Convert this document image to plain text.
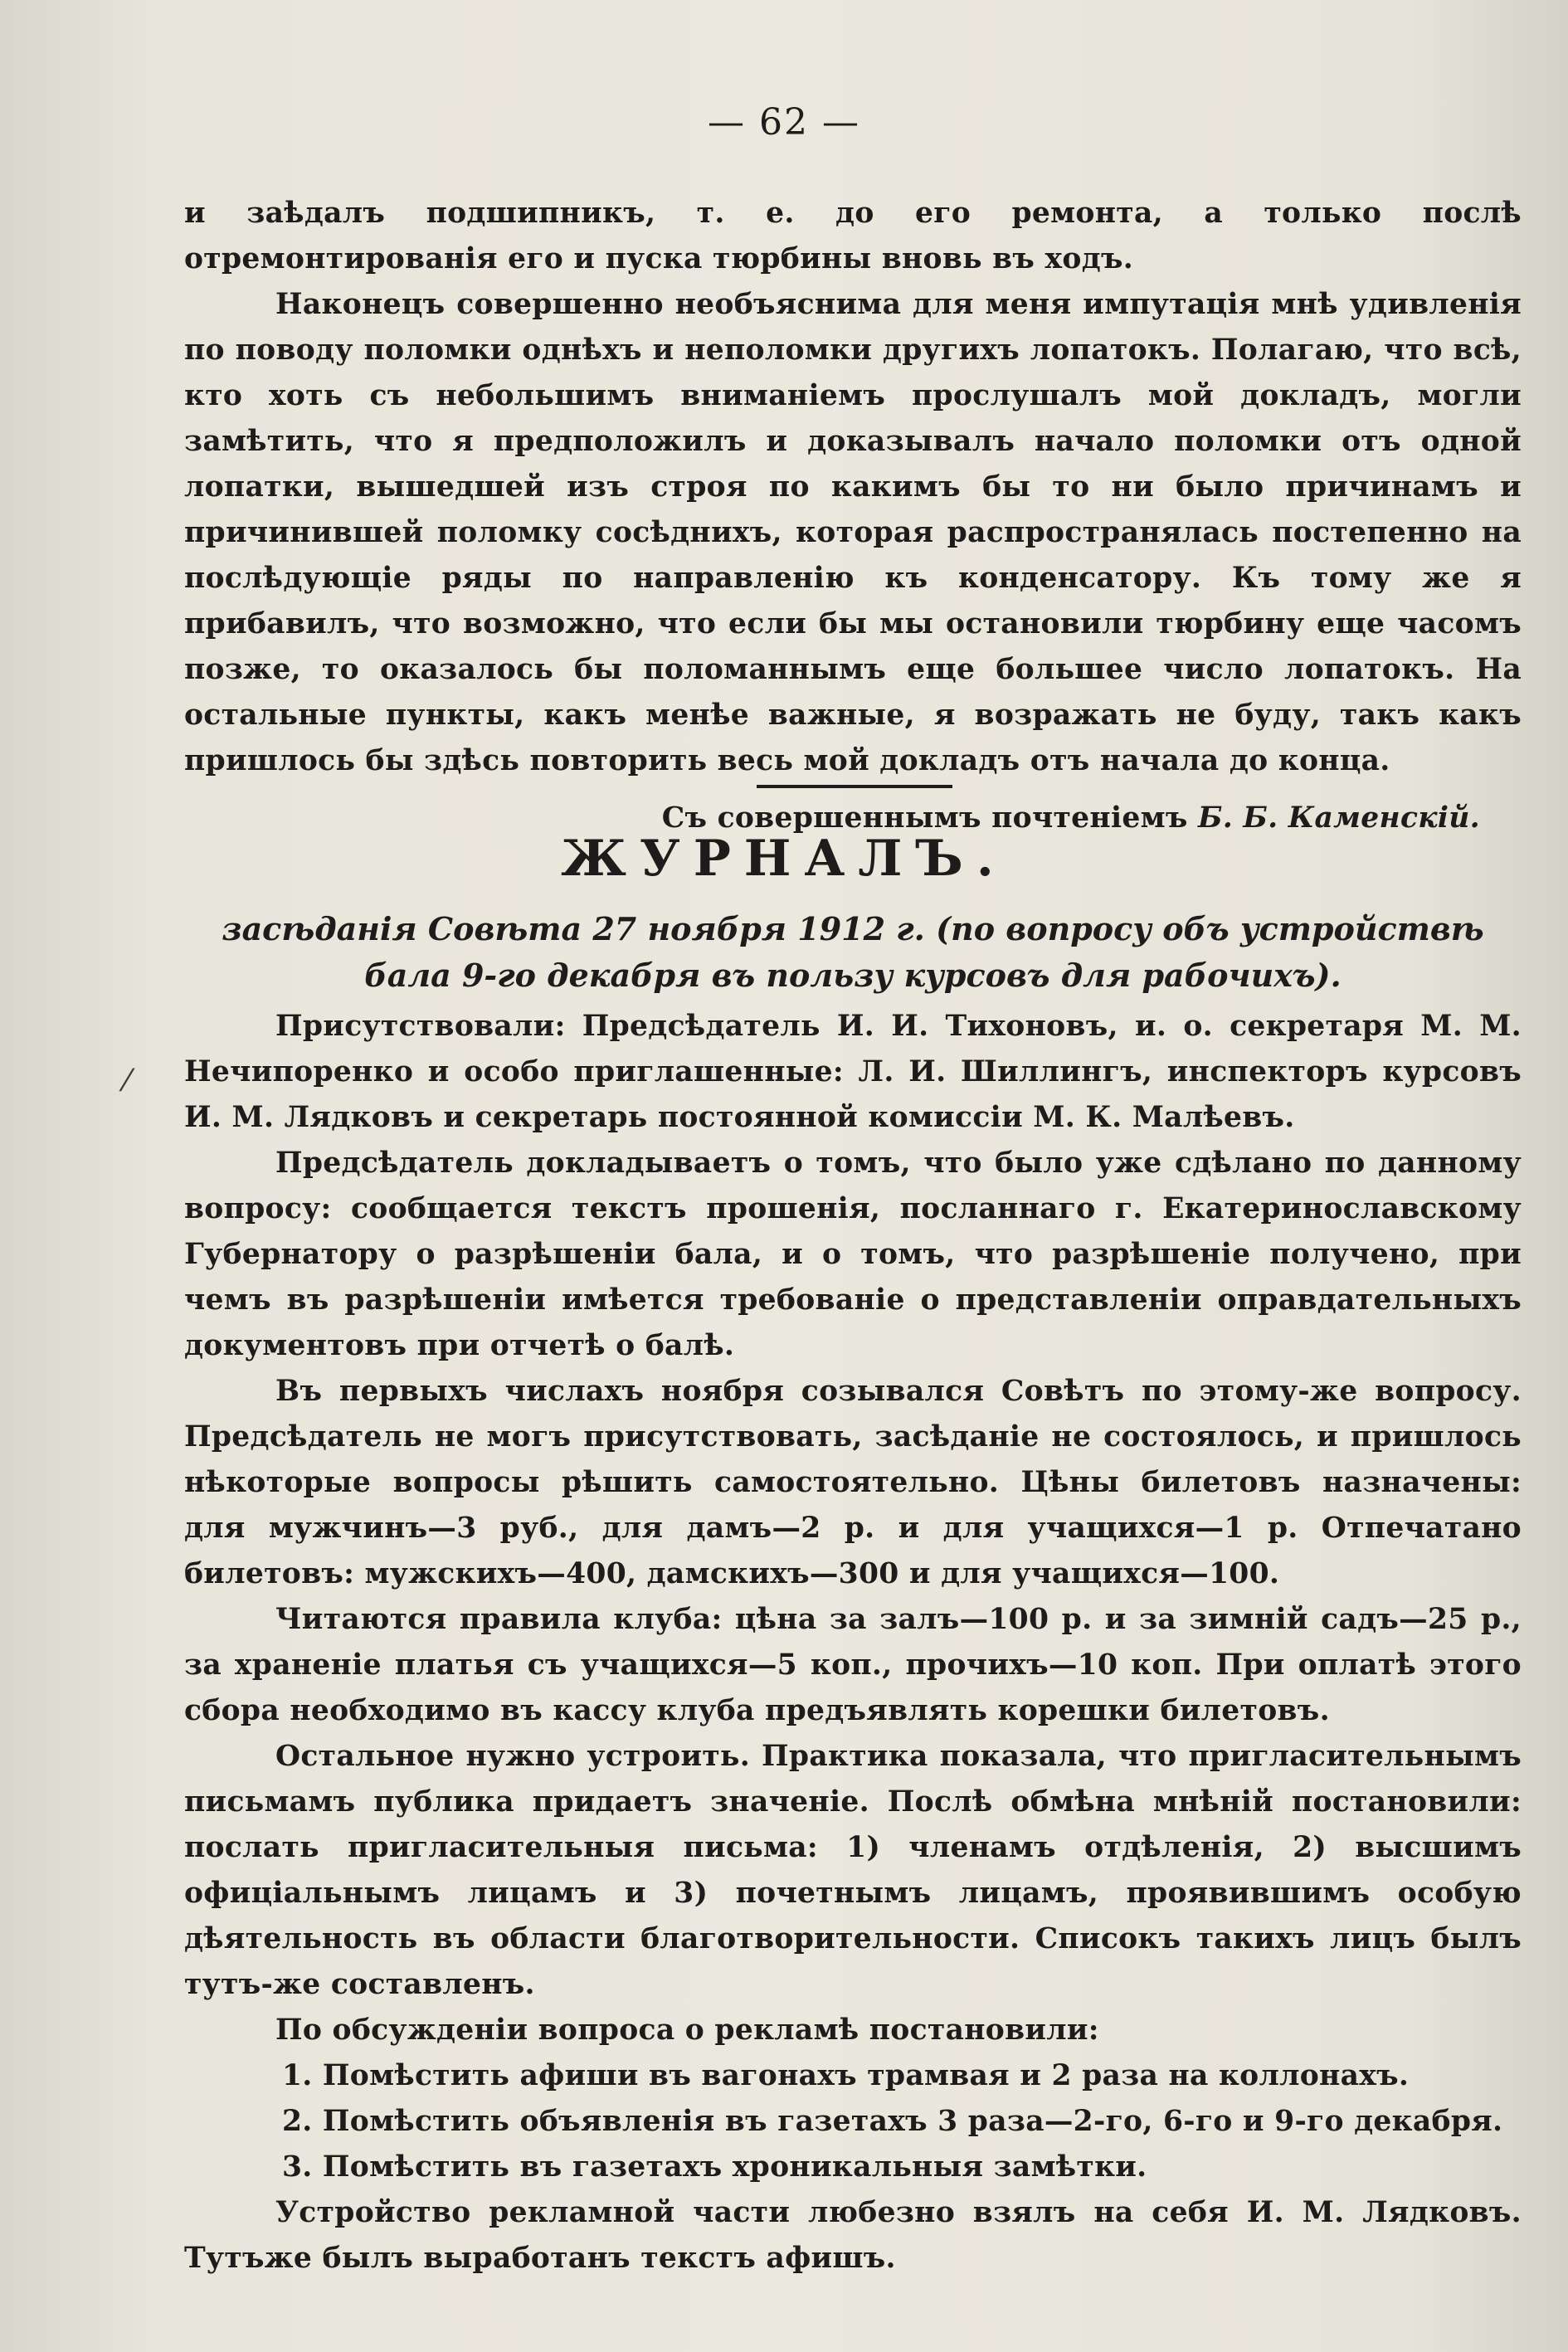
— 62 —

и заѣдалъ подшипникъ, т. е. до его ремонта, а только послѣ отремонтированія его и пуска тюрбины вновь въ ходъ.

Наконецъ совершенно необъяснима для меня импутація мнѣ удивленія по поводу поломки однѣхъ и неполомки другихъ лопатокъ. Полагаю, что всѣ, кто хоть съ небольшимъ вниманіемъ прослушалъ мой докладъ, могли замѣтить, что я предположилъ и доказывалъ начало поломки отъ одной лопатки, вышедшей изъ строя по какимъ бы то ни было причинамъ и причинившей поломку сосѣднихъ, которая распространялась постепенно на послѣдующіе ряды по направленію къ конденсатору. Къ тому же я прибавилъ, что возможно, что если бы мы остановили тюрбину еще часомъ позже, то оказалось бы поломаннымъ еще большее число лопатокъ. На остальные пункты, какъ менѣе важные, я возражать не буду, такъ какъ пришлось бы здѣсь повторить весь мой докладъ отъ начала до конца.

Съ совершеннымъ почтеніемъ Б. Б. Каменскій.

ЖУРНАЛЪ.
засѣданія Совѣта 27 ноября 1912 г. (по вопросу объ устройствѣ бала 9-го декабря въ пользу курсовъ для рабочихъ).
⁄

Присутствовали: Предсѣдатель И. И. Тихоновъ, и. о. секретаря М. М. Нечипоренко и особо приглашенные: Л. И. Шиллингъ, инспекторъ курсовъ И. М. Лядковъ и секретарь постоянной комиссіи М. К. Малѣевъ.

Предсѣдатель докладываетъ о томъ, что было уже сдѣлано по данному вопросу: сообщается текстъ прошенія, посланнаго г. Екатеринославскому Губернатору о разрѣшеніи бала, и о томъ, что разрѣшеніе получено, при чемъ въ разрѣшеніи имѣется требованіе о представленіи оправдательныхъ документовъ при отчетѣ о балѣ.

Въ первыхъ числахъ ноября созывался Совѣтъ по этому-же вопросу. Предсѣдатель не могъ присутствовать, засѣданіе не состоялось, и пришлось нѣкоторые вопросы рѣшить самостоятельно. Цѣны билетовъ назначены: для мужчинъ—3 руб., для дамъ—2 р. и для учащихся—1 р. Отпечатано билетовъ: мужскихъ—400, дамскихъ—300 и для учащихся—100.

Читаются правила клуба: цѣна за залъ—100 р. и за зимній садъ—25 р., за храненіе платья съ учащихся—5 коп., прочихъ—10 коп. При оплатѣ этого сбора необходимо въ кассу клуба предъявлять корешки билетовъ.

Остальное нужно устроить. Практика показала, что пригласительнымъ письмамъ публика придаетъ значеніе. Послѣ обмѣна мнѣній постановили: послать пригласительныя письма: 1) членамъ отдѣленія, 2) высшимъ офиціальнымъ лицамъ и 3) почетнымъ лицамъ, проявившимъ особую дѣятельность въ области благотворительности. Списокъ такихъ лицъ былъ тутъ-же составленъ.

По обсужденіи вопроса о рекламѣ постановили:

1. Помѣстить афиши въ вагонахъ трамвая и 2 раза на коллонахъ.

2. Помѣстить объявленія въ газетахъ 3 раза—2-го, 6-го и 9-го декабря.

3. Помѣстить въ газетахъ хроникальныя замѣтки.

Устройство рекламной части любезно взялъ на себя И. М. Лядковъ. Тутъже былъ выработанъ текстъ афишъ.
